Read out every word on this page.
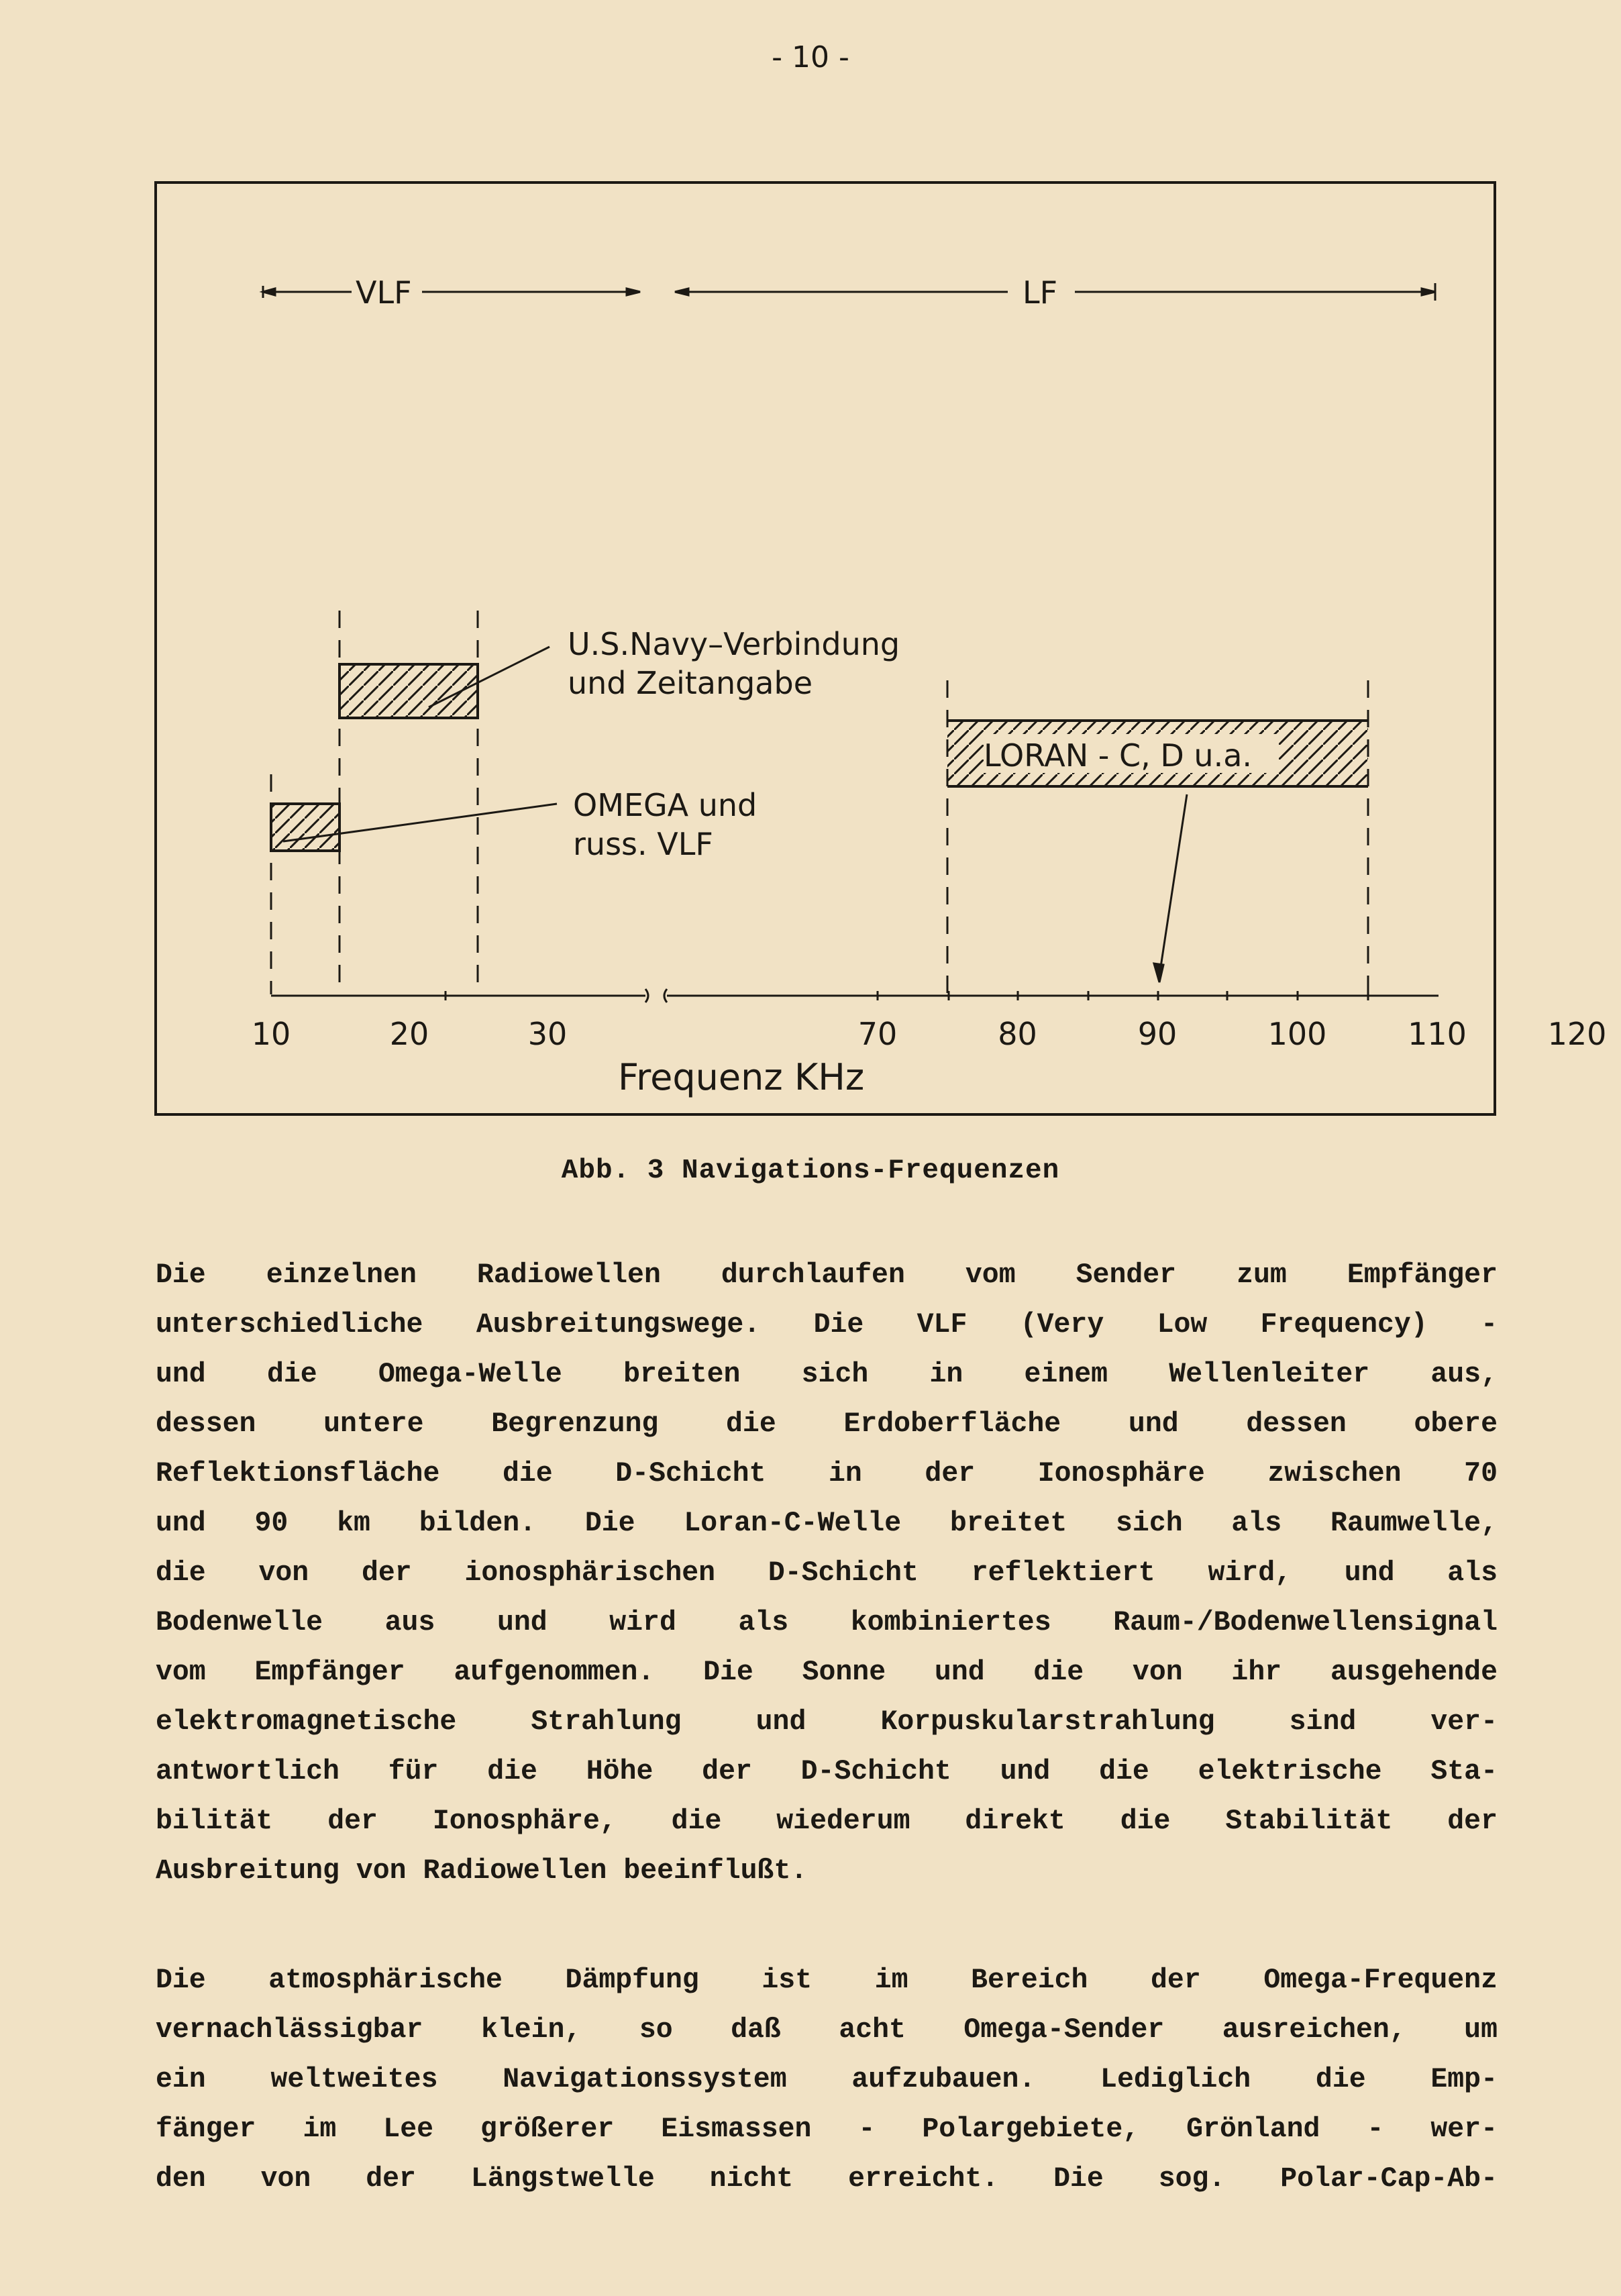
- 10 -
VLF	LF
LORAN - C, D u.a.
U.S.Navy–Verbindung
und Zeitangabe
OMEGA und
russ. VLF
10	20	30	70	80	90	100	110	120
Frequenz KHz
Abb. 3 Navigations-Frequenzen
Die einzelnen Radiowellen durchlaufen vom Sender zum Empfänger
unterschiedliche Ausbreitungswege. Die VLF (Very Low Frequency) -
und die Omega-Welle breiten sich in einem Wellenleiter aus,
dessen untere Begrenzung die Erdoberfläche und dessen obere
Reflektionsfläche die D-Schicht in der Ionosphäre zwischen 70
und 90 km bilden. Die Loran-C-Welle breitet sich als Raumwelle,
die von der ionosphärischen D-Schicht reflektiert wird, und als
Bodenwelle aus und wird als kombiniertes Raum-/Bodenwellensignal
vom Empfänger aufgenommen. Die Sonne und die von ihr ausgehende
elektromagnetische Strahlung und Korpuskularstrahlung sind ver-
antwortlich für die Höhe der D-Schicht und die elektrische Sta-
bilität der Ionosphäre, die wiederum direkt die Stabilität der
Ausbreitung von Radiowellen beeinflußt.
Die atmosphärische Dämpfung ist im Bereich der Omega-Frequenz
vernachlässigbar klein, so daß acht Omega-Sender ausreichen, um
ein weltweites Navigationssystem aufzubauen. Lediglich die Emp-
fänger im Lee größerer Eismassen - Polargebiete, Grönland - wer-
den von der Längstwelle nicht erreicht. Die sog. Polar-Cap-Ab-
